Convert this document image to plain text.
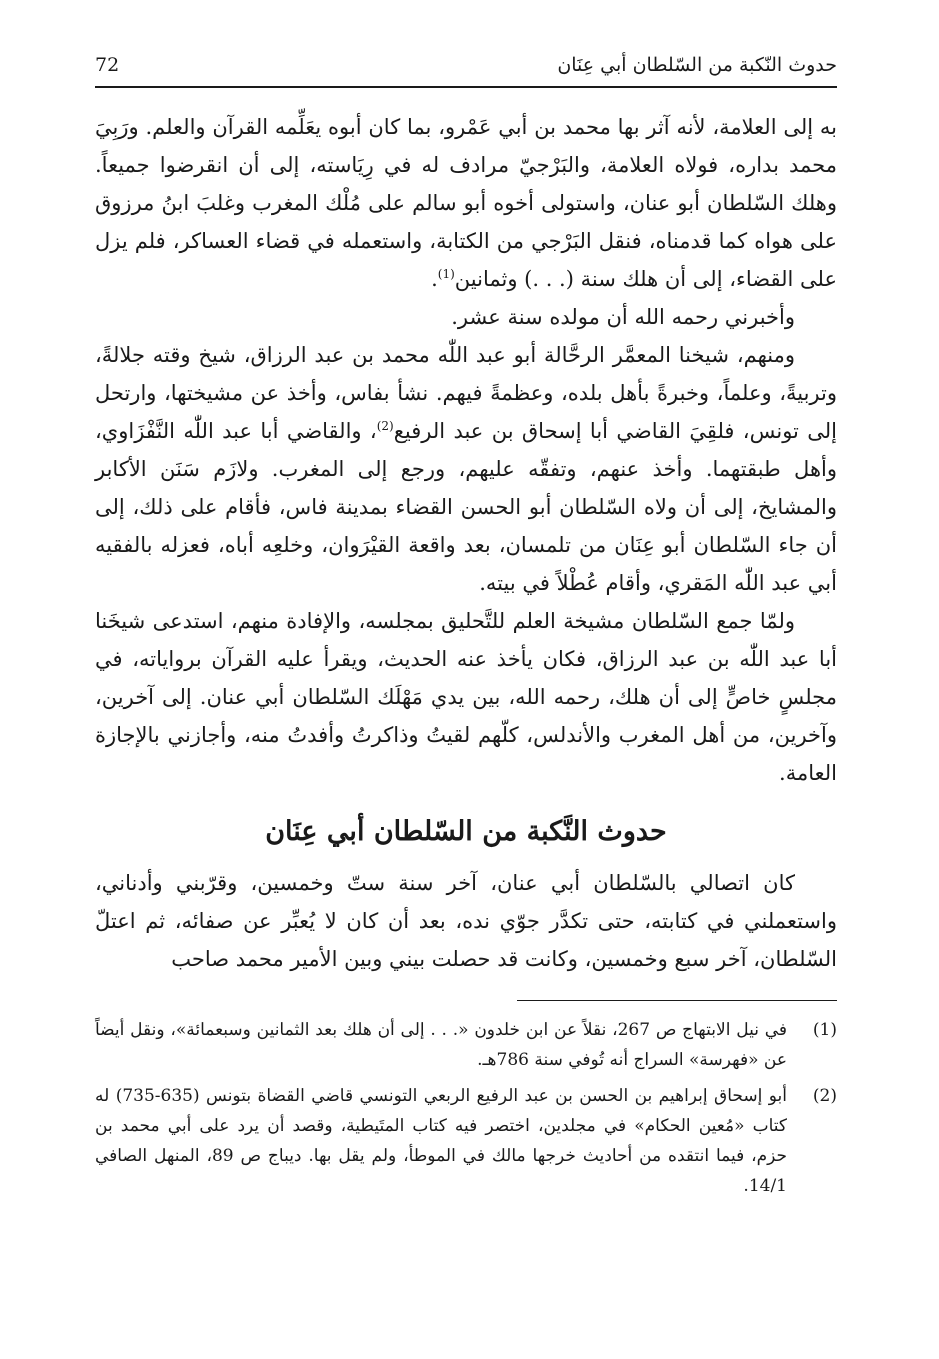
حدوث النّكبة من السّلطان أبي عِنَان
72

به إلى العلامة، لأنه آثر بها محمد بن أبي عَمْرو، بما كان أبوه يعَلِّمه القرآن والعلم. ورَبِيَ محمد بداره، فولاه العلامة، والبَرْجيّ مرادف له في رِيَاسته، إلى أن انقرضوا جميعاً. وهلك السّلطان أبو عنان، واستولى أخوه أبو سالم على مُلْك المغرب وغلبَ ابنُ مرزوق على هواه كما قدمناه، فنقل البَرْجي من الكتابة، واستعمله في قضاء العساكر، فلم يزل على القضاء، إلى أن هلك سنة (. . .) وثمانين$^{(1)}$.

وأخبرني رحمه الله أن مولده سنة عشر.

ومنهم، شيخنا المعمَّر الرحَّالة أبو عبد اللّٰه محمد بن عبد الرزاق، شيخ وقته جلالةً، وتربيةً، وعلماً، وخبرةً بأهل بلده، وعظمةً فيهم. نشأ بفاس، وأخذ عن مشيختها، وارتحل إلى تونس، فلقِيَ القاضي أبا إسحاق بن عبد الرفيع$^{(2)}$، والقاضي أبا عبد اللّٰه النَّفْزَاوي، وأهل طبقتهما. وأخذ عنهم، وتفقّه عليهم، ورجع إلى المغرب. ولازَم سَنَن الأكابر والمشايخ، إلى أن ولاه السّلطان أبو الحسن القضاء بمدينة فاس، فأقام على ذلك، إلى أن جاء السّلطان أبو عِنَان من تلمسان، بعد واقعة القيْرَوان، وخلعِه أباه، فعزله بالفقيه أبي عبد اللّٰه المَقري، وأقام عُطْلاً في بيته.

ولمّا جمع السّلطان مشيخة العلم للتَّحليق بمجلسه، والإفادة منهم، استدعى شيخَنا أبا عبد اللّٰه بن عبد الرزاق، فكان يأخذ عنه الحديث، ويقرأ عليه القرآن برواياته، في مجلسٍ خاصٍّ إلى أن هلك، رحمه الله، بين يدي مَهْلَك السّلطان أبي عنان. إلى آخرين، وآخرين، من أهل المغرب والأندلس، كلّهم لقيتُ وذاكرتُ وأفدتُ منه، وأجازني بالإجازة العامة.

حدوث النَّكبة من السّلطان أبي عِنَان

كان اتصالي بالسّلطان أبي عنان، آخر سنة ستّ وخمسين، وقرّبني وأدناني، واستعملني في كتابته، حتى تكدَّر جوّي نده، بعد أن كان لا يُعبِّر عن صفائه، ثم اعتلّ السّلطان، آخر سبع وخمسين، وكانت قد حصلت بيني وبين الأمير محمد صاحب

(1)
في نيل الابتهاج ص 267، نقلاً عن ابن خلدون «. . . إلى أن هلك بعد الثمانين وسبعمائة»، ونقل أيضاً عن «فهرسة» السراج أنه تُوفي سنة 786هـ.
(2)
أبو إسحاق إبراهيم بن الحسن بن عبد الرفيع الربعي التونسي قاضي القضاة بتونس (635-735) له كتاب «مُعين الحكام» في مجلدين، اختصر فيه كتاب المتَيطية، وقصد أن يرد على أبي محمد بن حزم، فيما انتقده من أحاديث خرجها مالك في الموطأ، ولم يقل بها. ديباج ص 89، المنهل الصافي 14/1.
